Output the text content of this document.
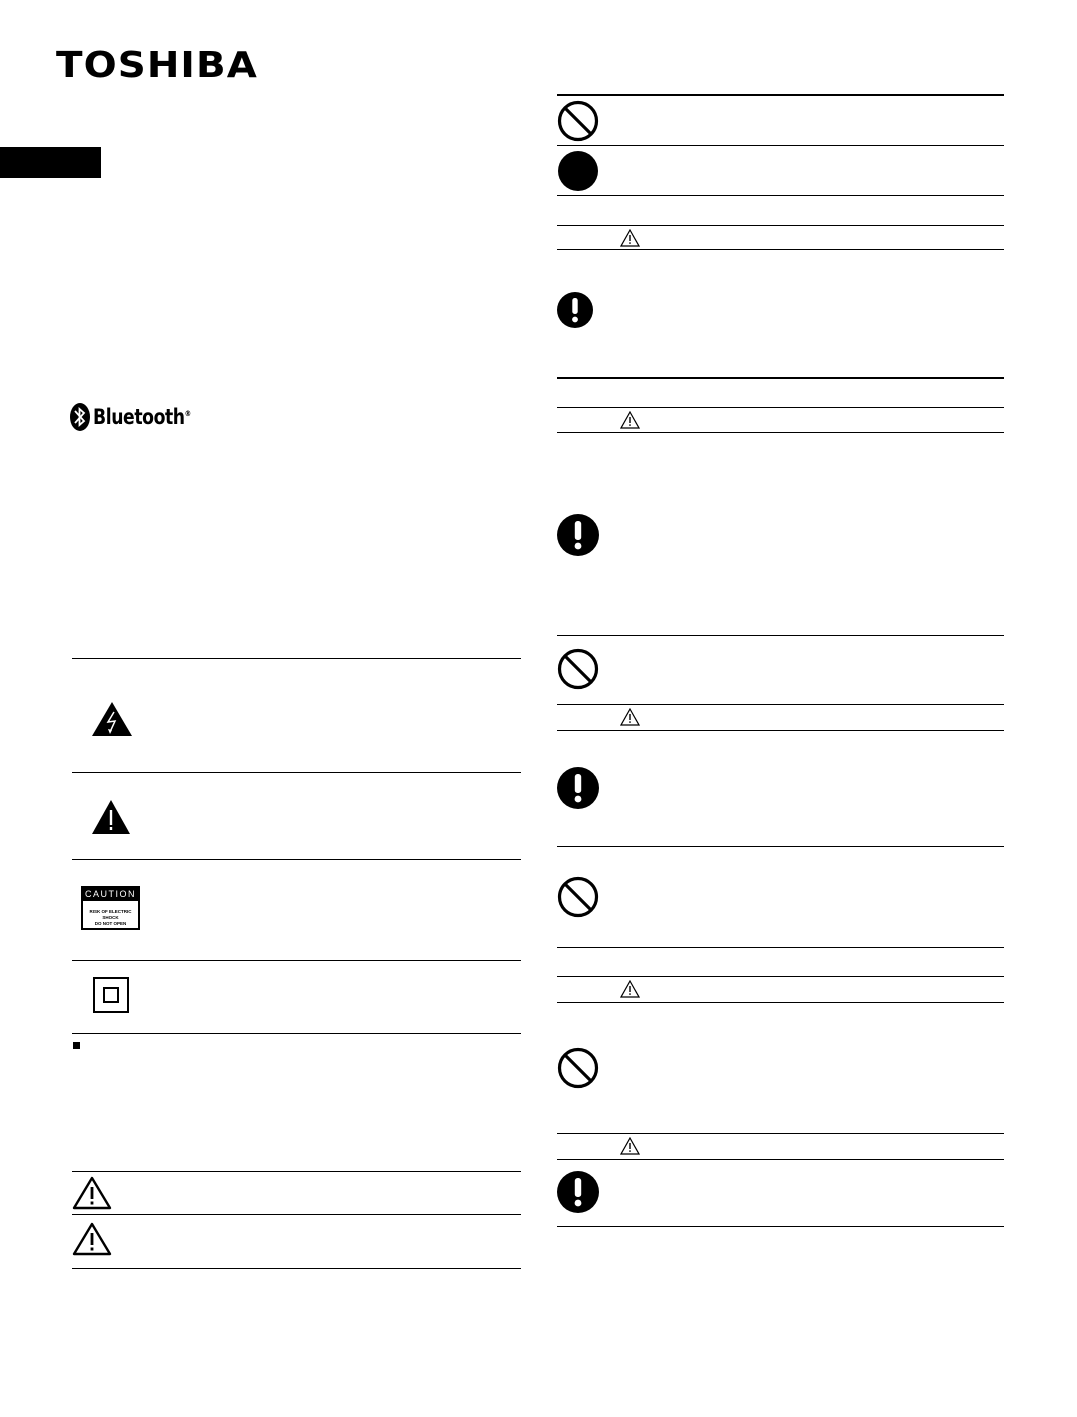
TOSHIBA
Bluetooth®
CAUTION
RISK OF ELECTRIC SHOCK
DO NOT OPEN
